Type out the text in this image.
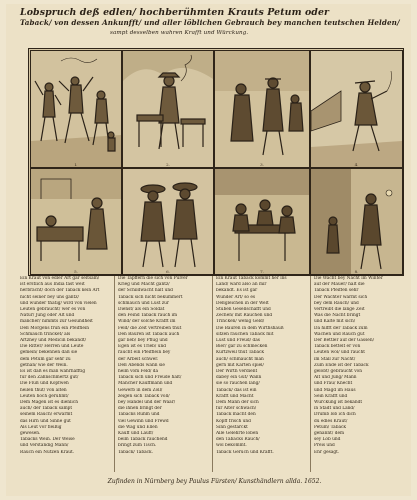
Lobspruch deß edlen/ hochberühmten Krauts Petum oder
Taback/ von dessen Ankunfft/ und aller löblichen Gebrauch bey manchen teutschen Helden/
sampt desselben wahren Krafft und Würckung.
I.	2.	3.	4.
5.	6.	7.	8.
Ein Kraut von edler Art gar seltsam/
ist erstlich aus India fast weit
herbracht/ doch der Taback kein Art
nicht seiner bey uns gantz/
und wunder thätig/ wird von vielen
Leuten gebraucht/ wer es von
Natur/ Jung oder Alt und
mancher/ nimmts zur Gesundheit
Deß Morgens früh ein Pfeifflein
Schmauch trincket/ als
Artzney und Medicin bekandt/
Die Ritter/ Herren und Leute
gemein/ bekennen daß sie
dem Petum gar sehr zu
gethan/ wie der Wein.
Es ist daß es man wahrhafftig
für den Zahnschmertz gut/
Die Flüß und Kopfweh
heilen thut/ von alten
Leuten hoch gerühmt/
Dem Magen ist es dienlich
auch/ der Taback sampt
seinem Rauch/ erwärmt
das Hirn und Sinne gut
Als Leut vor fleißig
gewesen.
Tabacks Wein. Der Weise
und Verständig Mann/
Rauch ein Nutzen Kraut.
Die Tapffern die sich von Pulver
Krieg und Macht gantz/
der Schildwacht hält und
Taback sich nicht bekümmert
schmauch und Lust zur
Dienst/ als ein Soldat
den Feind Taback rauch im
Wind/ der solche Krafft im
Feld/ die Zeit vertreiben thut
Den Bauren ist Taback auch
gar lieb/ bey Pflug und
Egen ist es Trieb/ und
raucht ein Pfeifflein bey
der Arbeit schwer.
Deß Abends wann sie
heim vom Feld/ da
Taback sich und Freude hält/
Mancher Kauffmann und
Gewerb in dem Zoll/
zeigen sich Taback voll/
bey Handel und der Waar/
die ihnen bringt der
Tabacks Ruhm und
viel Gewinn und Frewd
die Wag und Ellen
Kauff und Lauff/
beim Taback rauchend
bringt zum Tisch.
Taback/ Taback.
Ein Kraut Taback kommt her ins
Land/ ward also an mir
bekandt. Es ist gar
Wunder Art/ so es
Deßgleichen in der Welt
Stuben Gesellschafft und
Zechen/ mit Rauchen und
Trincken/ wenig Geld/
Die Bauren in dem Wirthshauß
sitzen rauchen Taback mit
Lust und Freud/ das
Bier/ gar zu schmecken
Kurtzweil thut Taback
auch/ schmaucht man
gern mit Karten spiel/
Der Wirth verdient
dabey ein Gut/ Wann
sie so rauchen lang/
Taback/ das ist ein
Krafft und Macht
Dem Mann der sich
für Alter schwach/
Taback macht den
Kopff frisch und
Sinn gestärckt
Alle Gelehrte loben
den Tabacks Rauch/
wol bekommt.
Taback Geruch und Krafft.
Die Wacht bey Nacht im Winter
auf der Mauer/ hält die
Taback Pfeiffen sehr
Der Wächter wärmt sich
bey dem Rauch/ und
vertreibt die lange Zeit
Was die Nacht bringt
und Kälte mit sich/
Da hilfft der Taback zum
Wachen und Rauch gut
Der Bettler auf der Gassen/
Taback bettelt er von
Leuten wol/ und raucht
im Stall zur Nacht/
Zum Ende ist der Taback
gelobt/ gebraucht von
Alt und Jung/ Mann
und Frau/ Knecht
und Magd im Haus
Sein Krafft und
Würckung ist bekandt
in Stadt und Land/
Drumb lob ich dich
du edles Kraut/
Petum/ Taback
genannt/ dem
sey Lob und
Preis und
Ehr gesagt.
Zufinden in Nürnberg bey Paulus Fürsten/ Kunsthändlern allda. 1652.
